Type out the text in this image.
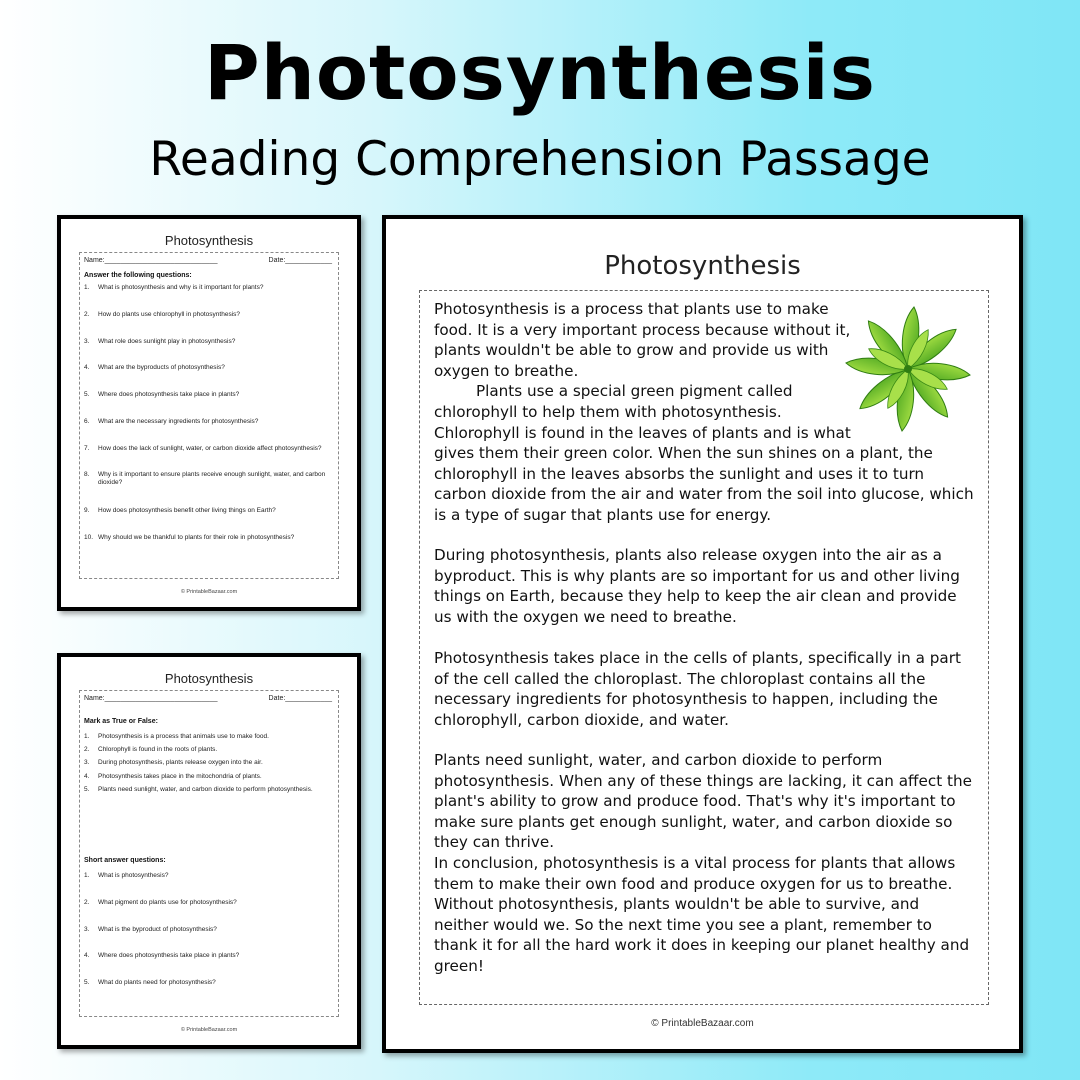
Photosynthesis
Reading Comprehension Passage
Photosynthesis
Name:_____________________________	Date:____________
Answer the following questions:
1. What is photosynthesis and why is it important for plants?
2. How do plants use chlorophyll in photosynthesis?
3. What role does sunlight play in photosynthesis?
4. What are the byproducts of photosynthesis?
5. Where does photosynthesis take place in plants?
6. What are the necessary ingredients for photosynthesis?
7. How does the lack of sunlight, water, or carbon dioxide affect photosynthesis?
8. Why is it important to ensure plants receive enough sunlight, water, and carbon dioxide?
9. How does photosynthesis benefit other living things on Earth?
10. Why should we be thankful to plants for their role in photosynthesis?
© PrintableBazaar.com
Photosynthesis
Name:_____________________________	Date:____________
Mark as True or False:
1. Photosynthesis is a process that animals use to make food.
2. Chlorophyll is found in the roots of plants.
3. During photosynthesis, plants release oxygen into the air.
4. Photosynthesis takes place in the mitochondria of plants.
5. Plants need sunlight, water, and carbon dioxide to perform photosynthesis.
Short answer questions:
1. What is photosynthesis?
2. What pigment do plants use for photosynthesis?
3. What is the byproduct of photosynthesis?
4. Where does photosynthesis take place in plants?
5. What do plants need for photosynthesis?
© PrintableBazaar.com
Photosynthesis
Photosynthesis is a process that plants use to make
food. It is a very important process because without it,
plants wouldn't be able to grow and provide us with
oxygen to breathe.
Plants use a special green pigment called
chlorophyll to help them with photosynthesis.
Chlorophyll is found in the leaves of plants and is what
gives them their green color. When the sun shines on a plant, the chlorophyll in the leaves absorbs the sunlight and uses it to turn carbon dioxide from the air and water from the soil into glucose, which is a type of sugar that plants use for energy.
During photosynthesis, plants also release oxygen into the air as a byproduct. This is why plants are so important for us and other living things on Earth, because they help to keep the air clean and provide us with the oxygen we need to breathe.
Photosynthesis takes place in the cells of plants, specifically in a part of the cell called the chloroplast. The chloroplast contains all the necessary ingredients for photosynthesis to happen, including the chlorophyll, carbon dioxide, and water.
Plants need sunlight, water, and carbon dioxide to perform photosynthesis. When any of these things are lacking, it can affect the plant's ability to grow and produce food. That's why it's important to make sure plants get enough sunlight, water, and carbon dioxide so they can thrive.
In conclusion, photosynthesis is a vital process for plants that allows them to make their own food and produce oxygen for us to breathe. Without photosynthesis, plants wouldn't be able to survive, and neither would we. So the next time you see a plant, remember to thank it for all the hard work it does in keeping our planet healthy and green!
© PrintableBazaar.com
